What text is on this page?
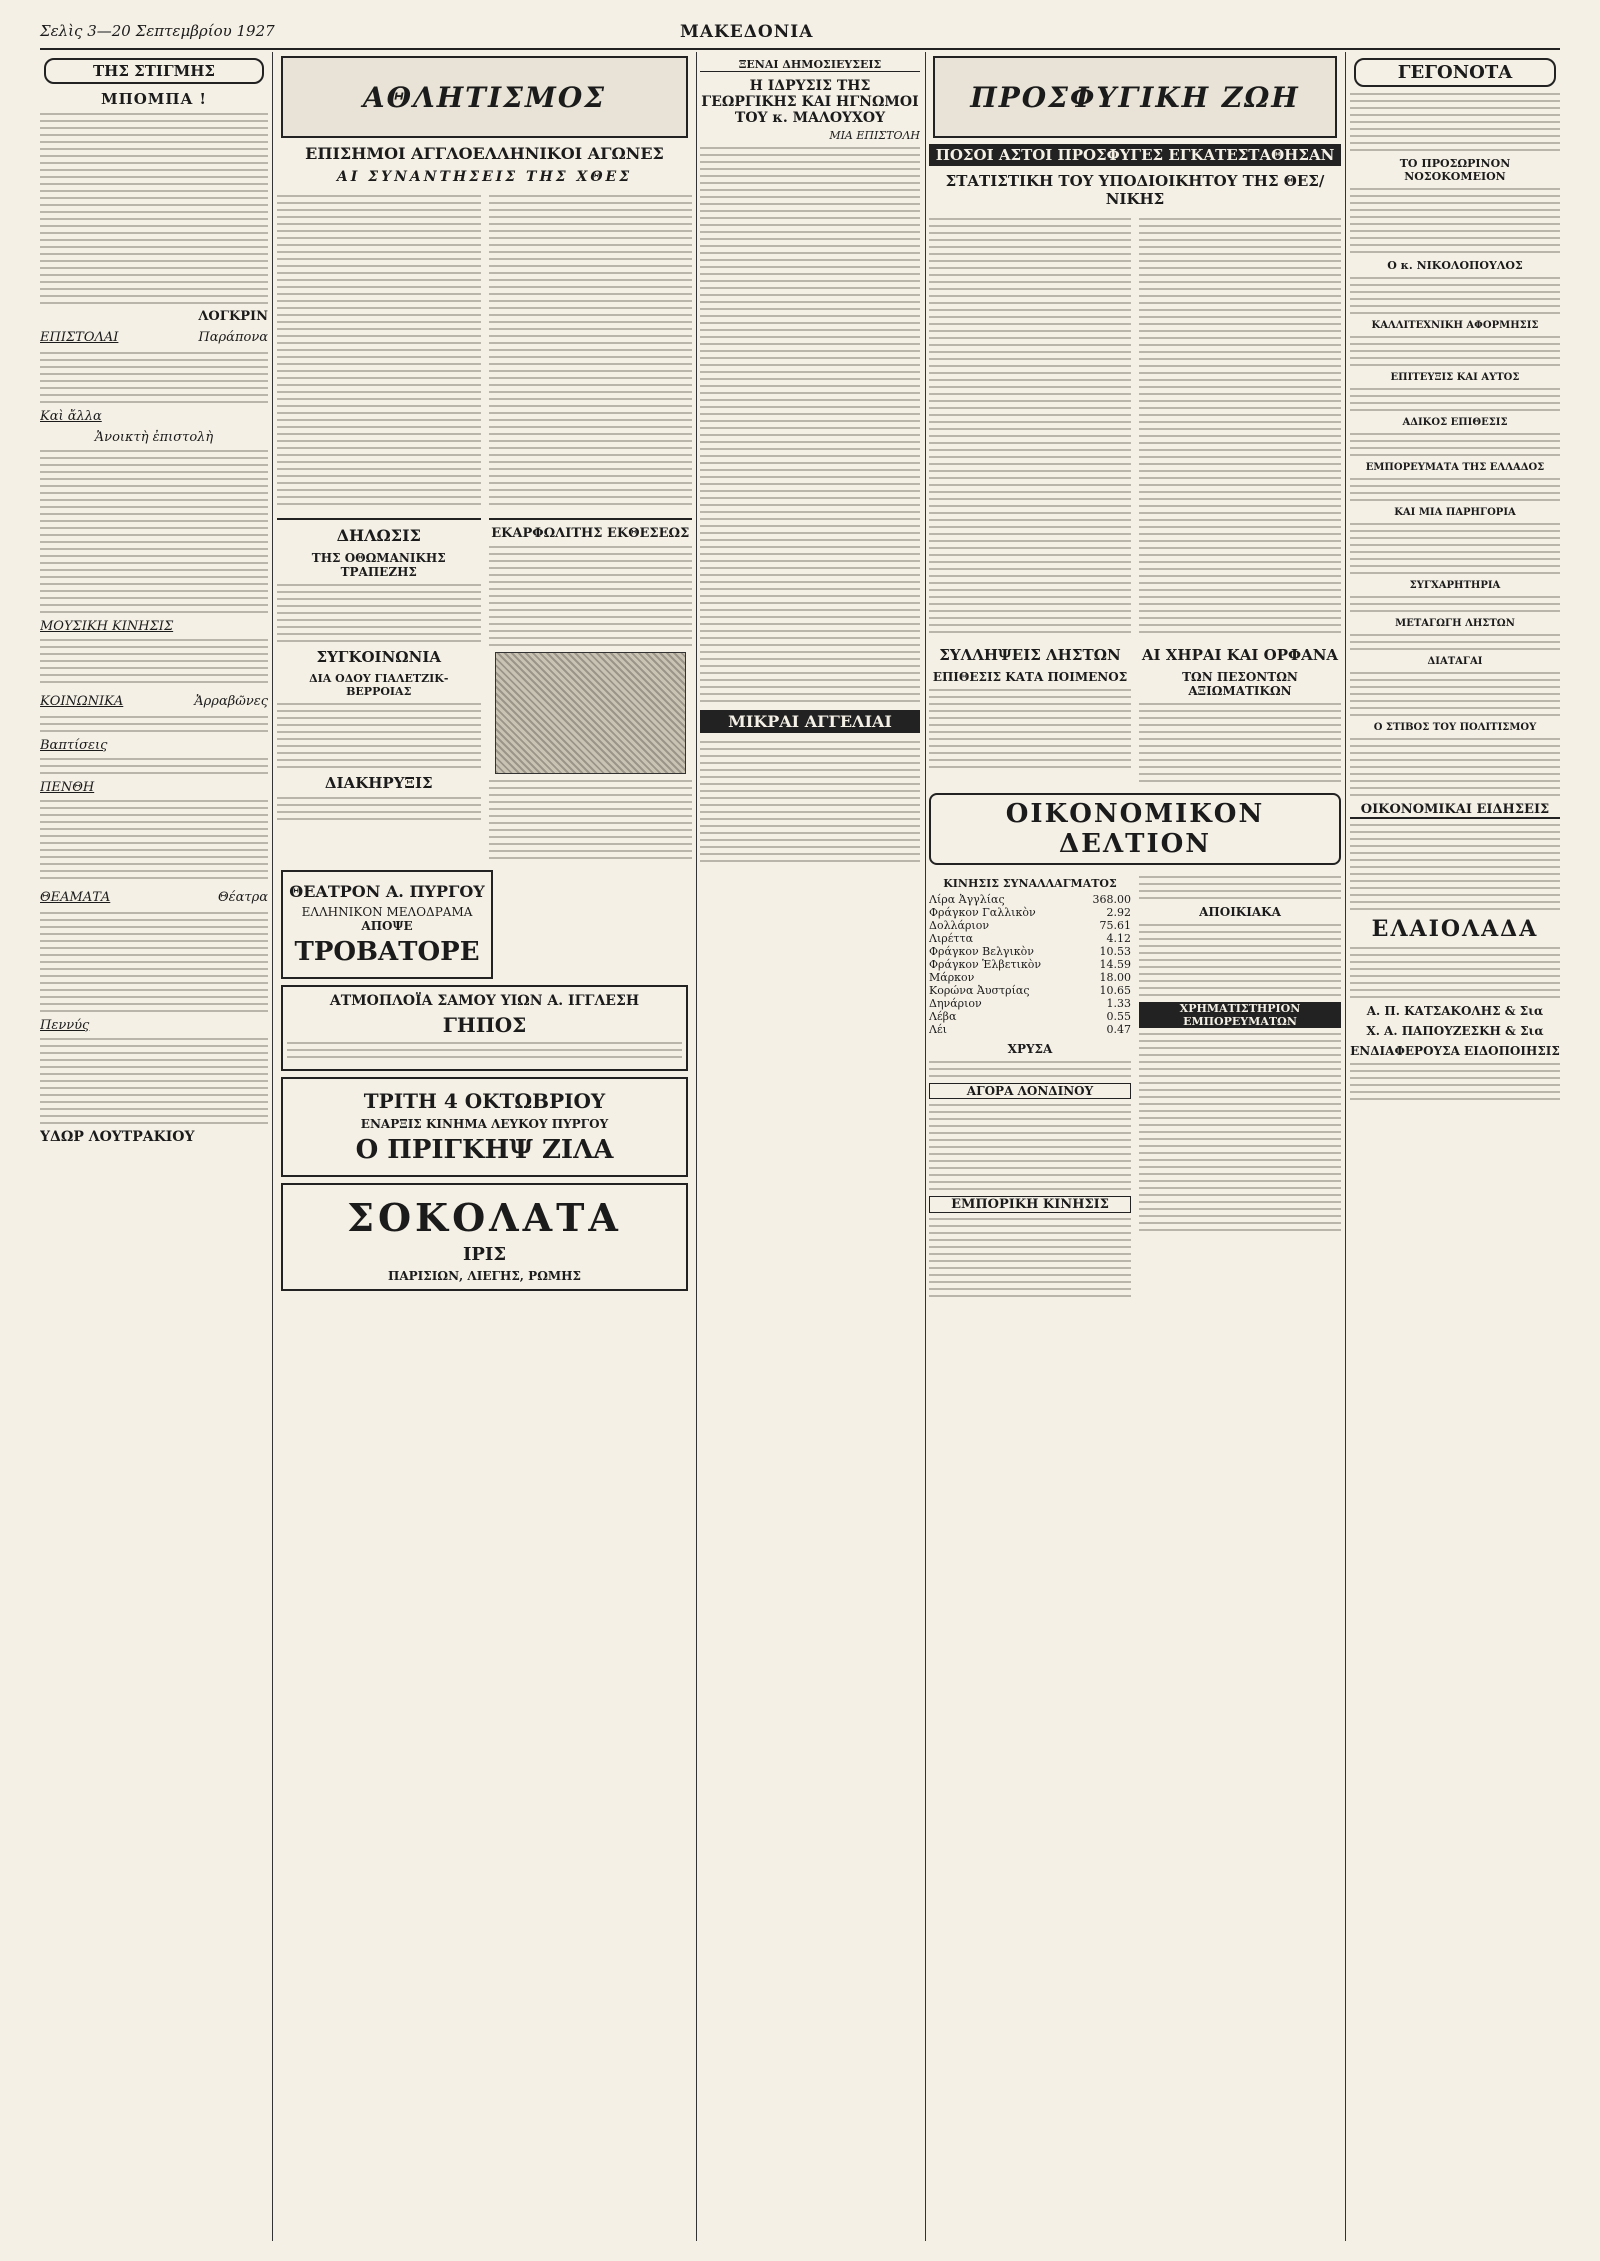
Σελὶς 3—20 Σεπτεμβρίου 1927	ΜΑΚΕΔΟΝΙΑ
ΤΗΣ ΣΤΙΓΜΗΣ
ΜΠΟΜΠΑ !
ΛΟΓΚΡΙΝ
ΕΠΙΣΤΟΛΑΙ	Παράπονα
Καὶ ἄλλα
Ἀνοικτὴ ἐπιστολὴ
ΜΟΥΣΙΚΗ ΚΙΝΗΣΙΣ
ΚΟΙΝΩΝΙΚΑ	Ἀρραβῶνες
Βαπτίσεις
ΠΕΝΘΗ
ΘΕΑΜΑΤΑ	Θέατρα
Πεννύς
ΥΔΩΡ ΛΟΥΤΡΑΚΙΟΥ
ΑΘΛΗΤΙΣΜΟΣ
ΕΠΙΣΗΜΟΙ ΑΓΓΛΟΕΛΛΗΝΙΚΟΙ ΑΓΩΝΕΣ
ΑΙ ΣΥΝΑΝΤΗΣΕΙΣ ΤΗΣ ΧΘΕΣ
ΔΗΛΩΣΙΣ
ΤΗΣ ΟΘΩΜΑΝΙΚΗΣ ΤΡΑΠΕΖΗΣ
ΣΥΓΚΟΙΝΩΝΙΑ
ΔΙΑ ΟΔΟΥ ΓΙΑΛΕΤΖΙΚ-ΒΕΡΡΟΙΑΣ
ΔΙΑΚΗΡΥΞΙΣ
ΕΚΑΡΦΩΛΙΤΗΣ ΕΚΘΕΣΕΩΣ
ΘΕΑΤΡΟΝ Α. ΠΥΡΓΟΥ
ΕΛΛΗΝΙΚΟΝ ΜΕΛΟΔΡΑΜΑ
ΑΠΟΨΕ
ΤΡΟΒΑΤΟΡΕ
ΑΤΜΟΠΛΟΪΑ ΣΑΜΟΥ ΥΙΩΝ Α. ΙΓΓΛΕΣΗ
ΓΗΠΟΣ
ΤΡΙΤΗ 4 ΟΚΤΩΒΡΙΟΥ
ΕΝΑΡΞΙΣ ΚΙΝΗΜΑ ΛΕΥΚΟΥ ΠΥΡΓΟΥ
Ο ΠΡΙΓΚΗΨ ΖΙΛΑ
ΣΟΚΟΛΑΤΑ
ΙΡΙΣ
ΠΑΡΙΣΙΩΝ, ΛΙΕΓΗΣ, ΡΩΜΗΣ
ΞΕΝΑΙ ΔΗΜΟΣΙΕΥΣΕΙΣ
Η ΙΔΡΥΣΙΣ ΤΗΣ ΓΕΩΡΓΙΚΗΣ ΚΑΙ ΗΓΝΩΜΟΙ ΤΟΥ κ. ΜΑΛΟΥΧΟΥ
ΜΙΑ ΕΠΙΣΤΟΛΗ
ΜΙΚΡΑΙ ΑΓΓΕΛΙΑΙ
ΠΡΟΣΦΥΓΙΚΗ ΖΩΗ
ΠΟΣΟΙ ΑΣΤΟΙ ΠΡΟΣΦΥΓΕΣ ΕΓΚΑΤΕΣΤΑΘΗΣΑΝ
ΣΤΑΤΙΣΤΙΚΗ ΤΟΥ ΥΠΟΔΙΟΙΚΗΤΟΥ ΤΗΣ ΘΕΣ/ΝΙΚΗΣ
ΣΥΛΛΗΨΕΙΣ ΛΗΣΤΩΝ
ΕΠΙΘΕΣΙΣ ΚΑΤΑ ΠΟΙΜΕΝΟΣ
ΑΙ ΧΗΡΑΙ ΚΑΙ ΟΡΦΑΝΑ
ΤΩΝ ΠΕΣΟΝΤΩΝ ΑΞΙΩΜΑΤΙΚΩΝ
ΟΙΚΟΝΟΜΙΚΟΝ ΔΕΛΤΙΟΝ
ΚΙΝΗΣΙΣ ΣΥΝΑΛΛΑΓΜΑΤΟΣ
Λίρα Ἀγγλίας	368.00
Φράγκον Γαλλικὸν	2.92
Δολλάριον	75.61
Λιρέττα	4.12
Φράγκον Βελγικὸν	10.53
Φράγκον Ἑλβετικὸν	14.59
Μάρκον	18.00
Κορώνα Ἀυστρίας	10.65
Δηνάριον	1.33
Λέβα	0.55
Λέι	0.47
ΧΡΥΣΑ
ΑΓΟΡΑ ΛΟΝΔΙΝΟΥ
ΕΜΠΟΡΙΚΗ ΚΙΝΗΣΙΣ
ΑΠΟΙΚΙΑΚΑ
ΧΡΗΜΑΤΙΣΤΗΡΙΟΝ ΕΜΠΟΡΕΥΜΑΤΩΝ
ΓΕΓΟΝΟΤΑ
ΤΟ ΠΡΟΣΩΡΙΝΟΝ ΝΟΣΟΚΟΜΕΙΟΝ
Ο κ. ΝΙΚΟΛΟΠΟΥΛΟΣ
ΚΑΛΛΙΤΕΧΝΙΚΗ ΑΦΟΡΜΗΣΙΣ
ΕΠΙΤΕΥΞΙΣ ΚΑΙ ΑΥΤΟΣ
ΑΔΙΚΟΣ ΕΠΙΘΕΣΙΣ
ΕΜΠΟΡΕΥΜΑΤΑ ΤΗΣ ΕΛΛΑΔΟΣ
ΚΑΙ ΜΙΑ ΠΑΡΗΓΟΡΙΑ
ΣΥΓΧΑΡΗΤΗΡΙΑ
ΜΕΤΑΓΩΓΗ ΛΗΣΤΩΝ
ΔΙΑΤΑΓΑΙ
Ο ΣΤΙΒΟΣ ΤΟΥ ΠΟΛΙΤΙΣΜΟΥ
ΟΙΚΟΝΟΜΙΚΑΙ ΕΙΔΗΣΕΙΣ
ΕΛΑΙΟΛΑΔΑ
Α. Π. ΚΑΤΣΑΚΟΛΗΣ & Σια
Χ. Α. ΠΑΠΟΥΖΕΣΚΗ & Σια
ΕΝΔΙΑΦΕΡΟΥΣΑ ΕΙΔΟΠΟΙΗΣΙΣ
